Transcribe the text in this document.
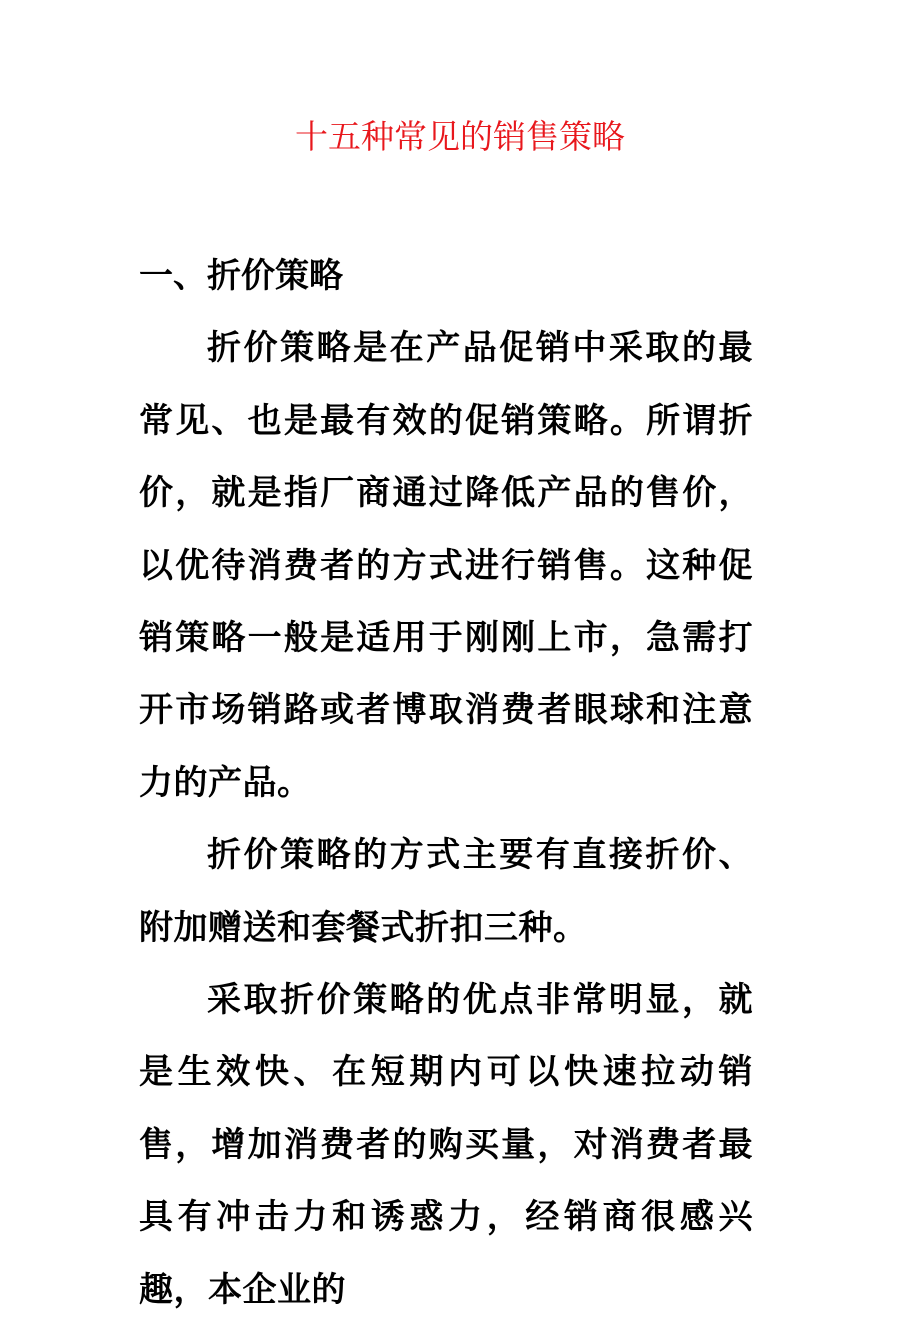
十五种常见的销售策略
一、折价策略

折价策略是在产品促销中采取的最常见、也是最有效的促销策略。所谓折价，就是指厂商通过降低产品的售价，以优待消费者的方式进行销售。这种促销策略一般是适用于刚刚上市，急需打开市场销路或者博取消费者眼球和注意力的产品。

折价策略的方式主要有直接折价、附加赠送和套餐式折扣三种。

采取折价策略的优点非常明显，就是生效快、在短期内可以快速拉动销售，增加消费者的购买量，对消费者最具有冲击力和诱惑力，经销商很感兴趣，本企业的
